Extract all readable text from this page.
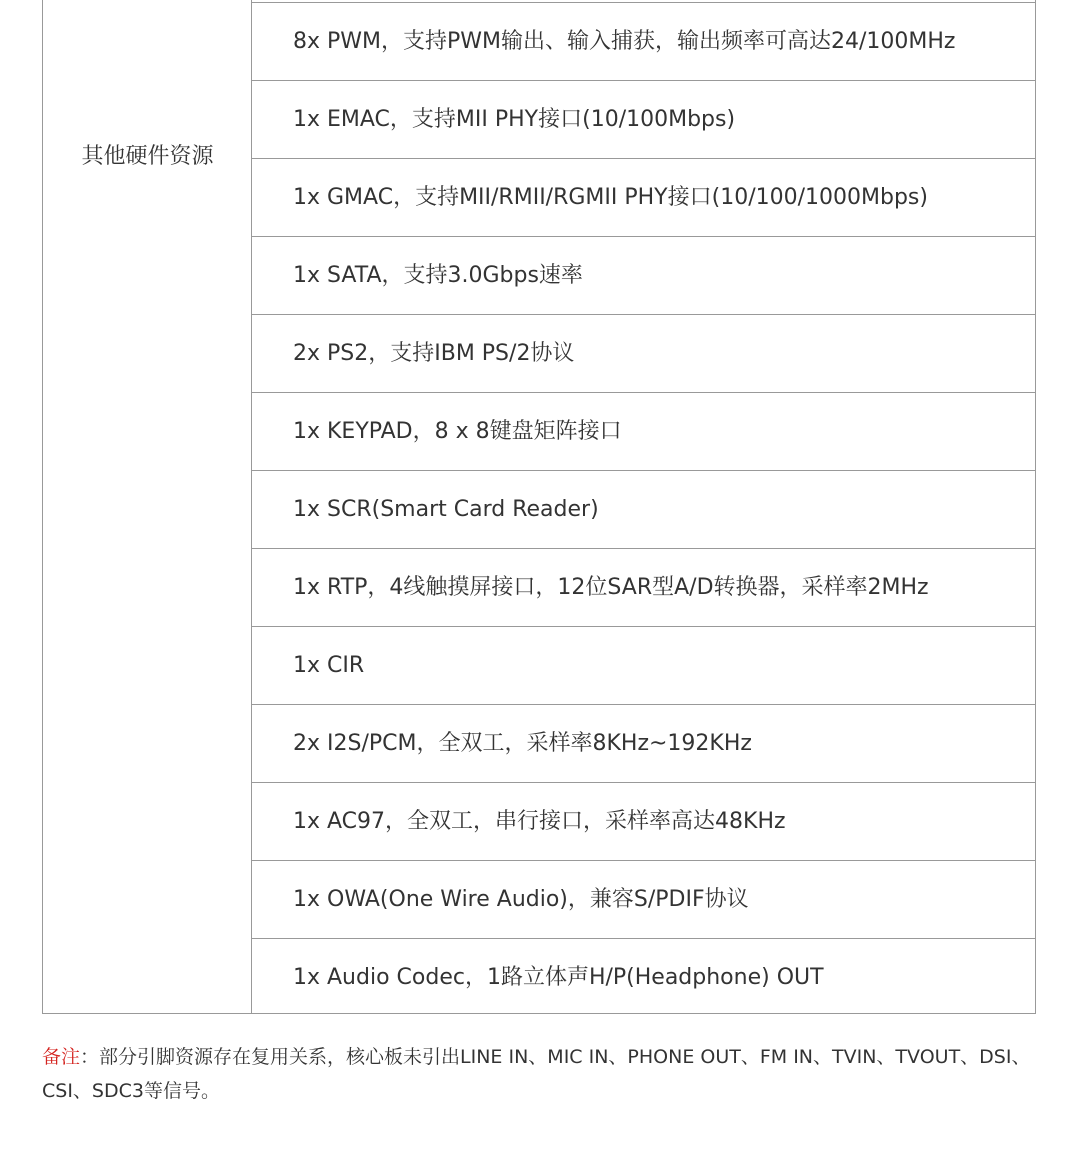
其他硬件资源
8x PWM，支持PWM输出、输入捕获，输出频率可高达24/100MHz
1x EMAC，支持MII PHY接口(10/100Mbps)
1x GMAC，支持MII/RMII/RGMII PHY接口(10/100/1000Mbps)
1x SATA，支持3.0Gbps速率
2x PS2，支持IBM PS/2协议
1x KEYPAD，8 x 8键盘矩阵接口
1x SCR(Smart Card Reader)
1x RTP，4线触摸屏接口，12位SAR型A/D转换器，采样率2MHz
1x CIR
2x I2S/PCM，全双工，采样率8KHz~192KHz
1x AC97，全双工，串行接口，采样率高达48KHz
1x OWA(One Wire Audio)，兼容S/PDIF协议
1x Audio Codec，1路立体声H/P(Headphone) OUT
备注：部分引脚资源存在复用关系，核心板未引出LINE IN、MIC IN、PHONE OUT、FM IN、TVIN、TVOUT、DSI、CSI、SDC3等信号。
